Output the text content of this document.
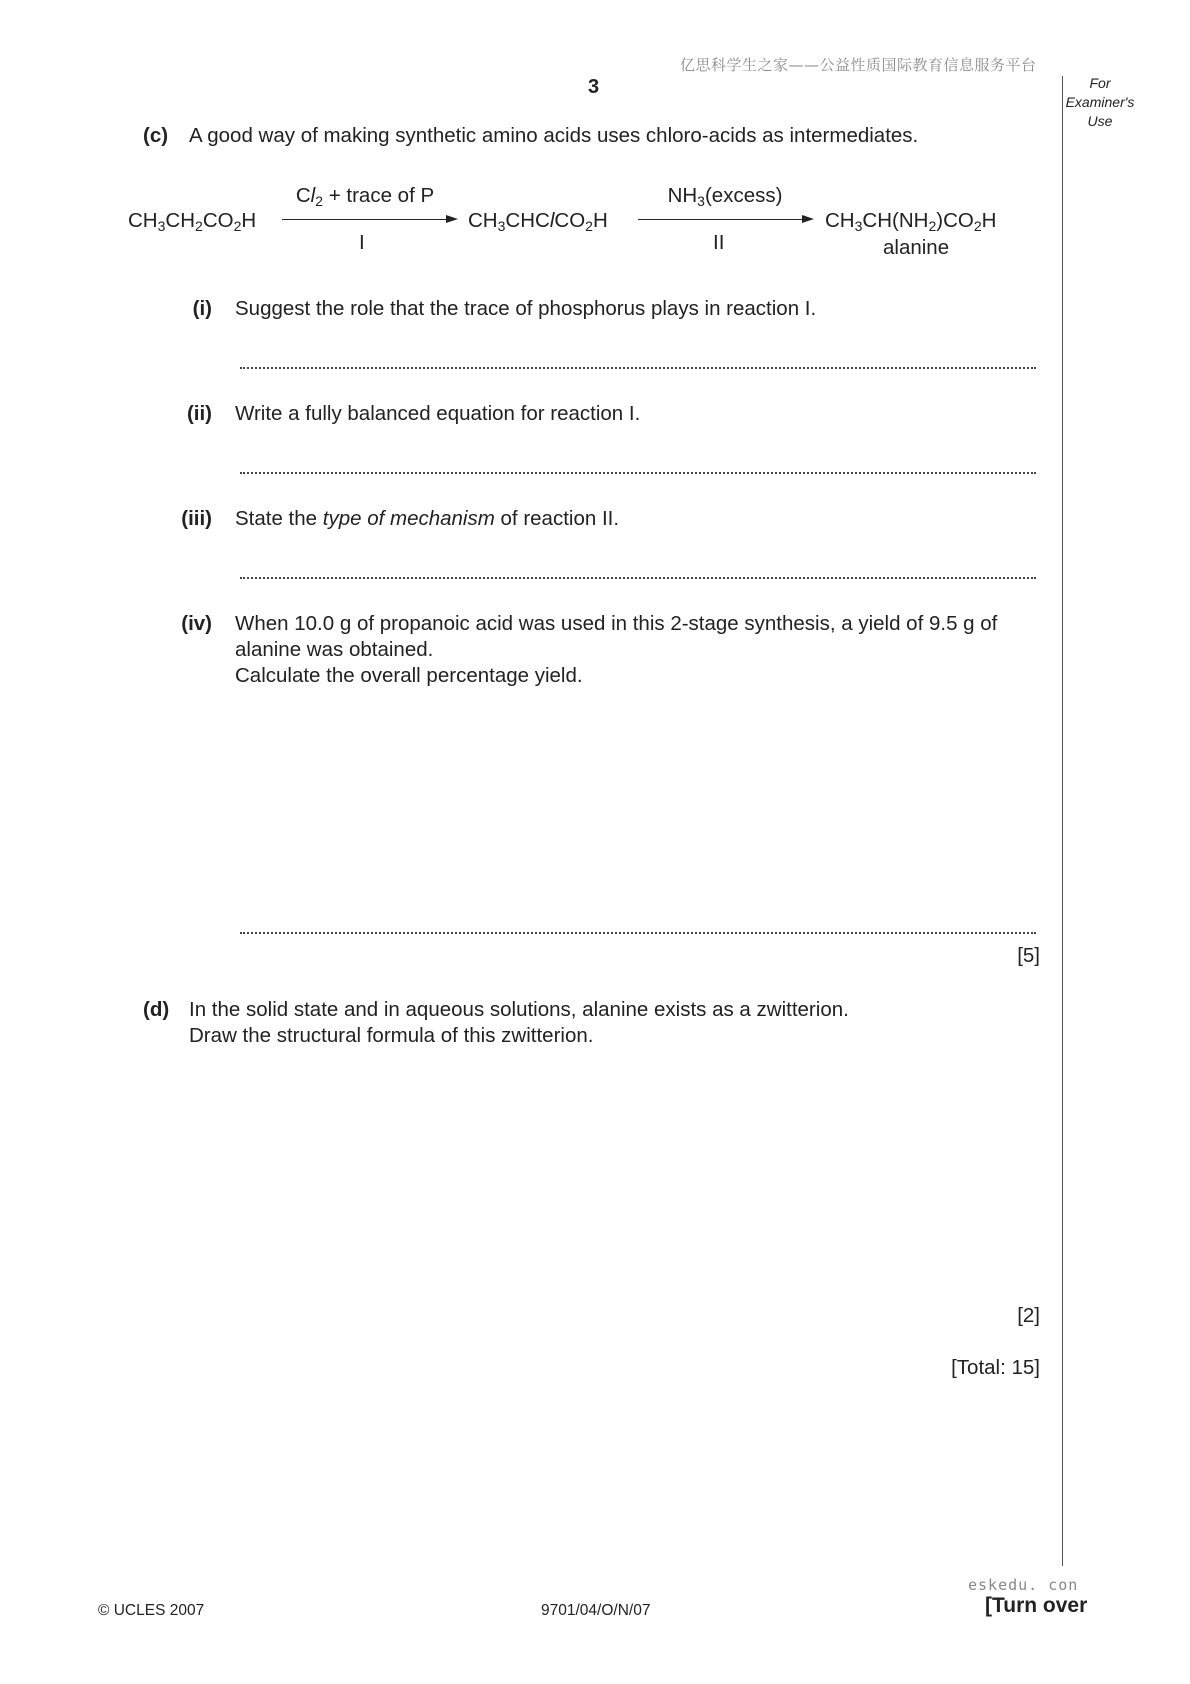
亿思科学生之家——公益性质国际教育信息服务平台
3	For
Examiner's
Use
(c) A good way of making synthetic amino acids uses chloro-acids as intermediates.
$CH_3CH_2CO_2H$
$Cl_2$ + trace of P
I
$CH_3CHClCO_2H$
$NH_3(excess)$
II
$CH_3CH(NH_2)CO_2H$
alanine
(i) Suggest the role that the trace of phosphorus plays in reaction I.
(ii) Write a fully balanced equation for reaction I.
(iii) State the type of mechanism of reaction II.
(iv) When 10.0 g of propanoic acid was used in this 2-stage synthesis, a yield of 9.5 g of
alanine was obtained.
Calculate the overall percentage yield.
[5]
(d) In the solid state and in aqueous solutions, alanine exists as a zwitterion.
Draw the structural formula of this zwitterion.
[2]
[Total: 15]
© UCLES 2007	9701/04/O/N/07
eskedu. con
[Turn over
